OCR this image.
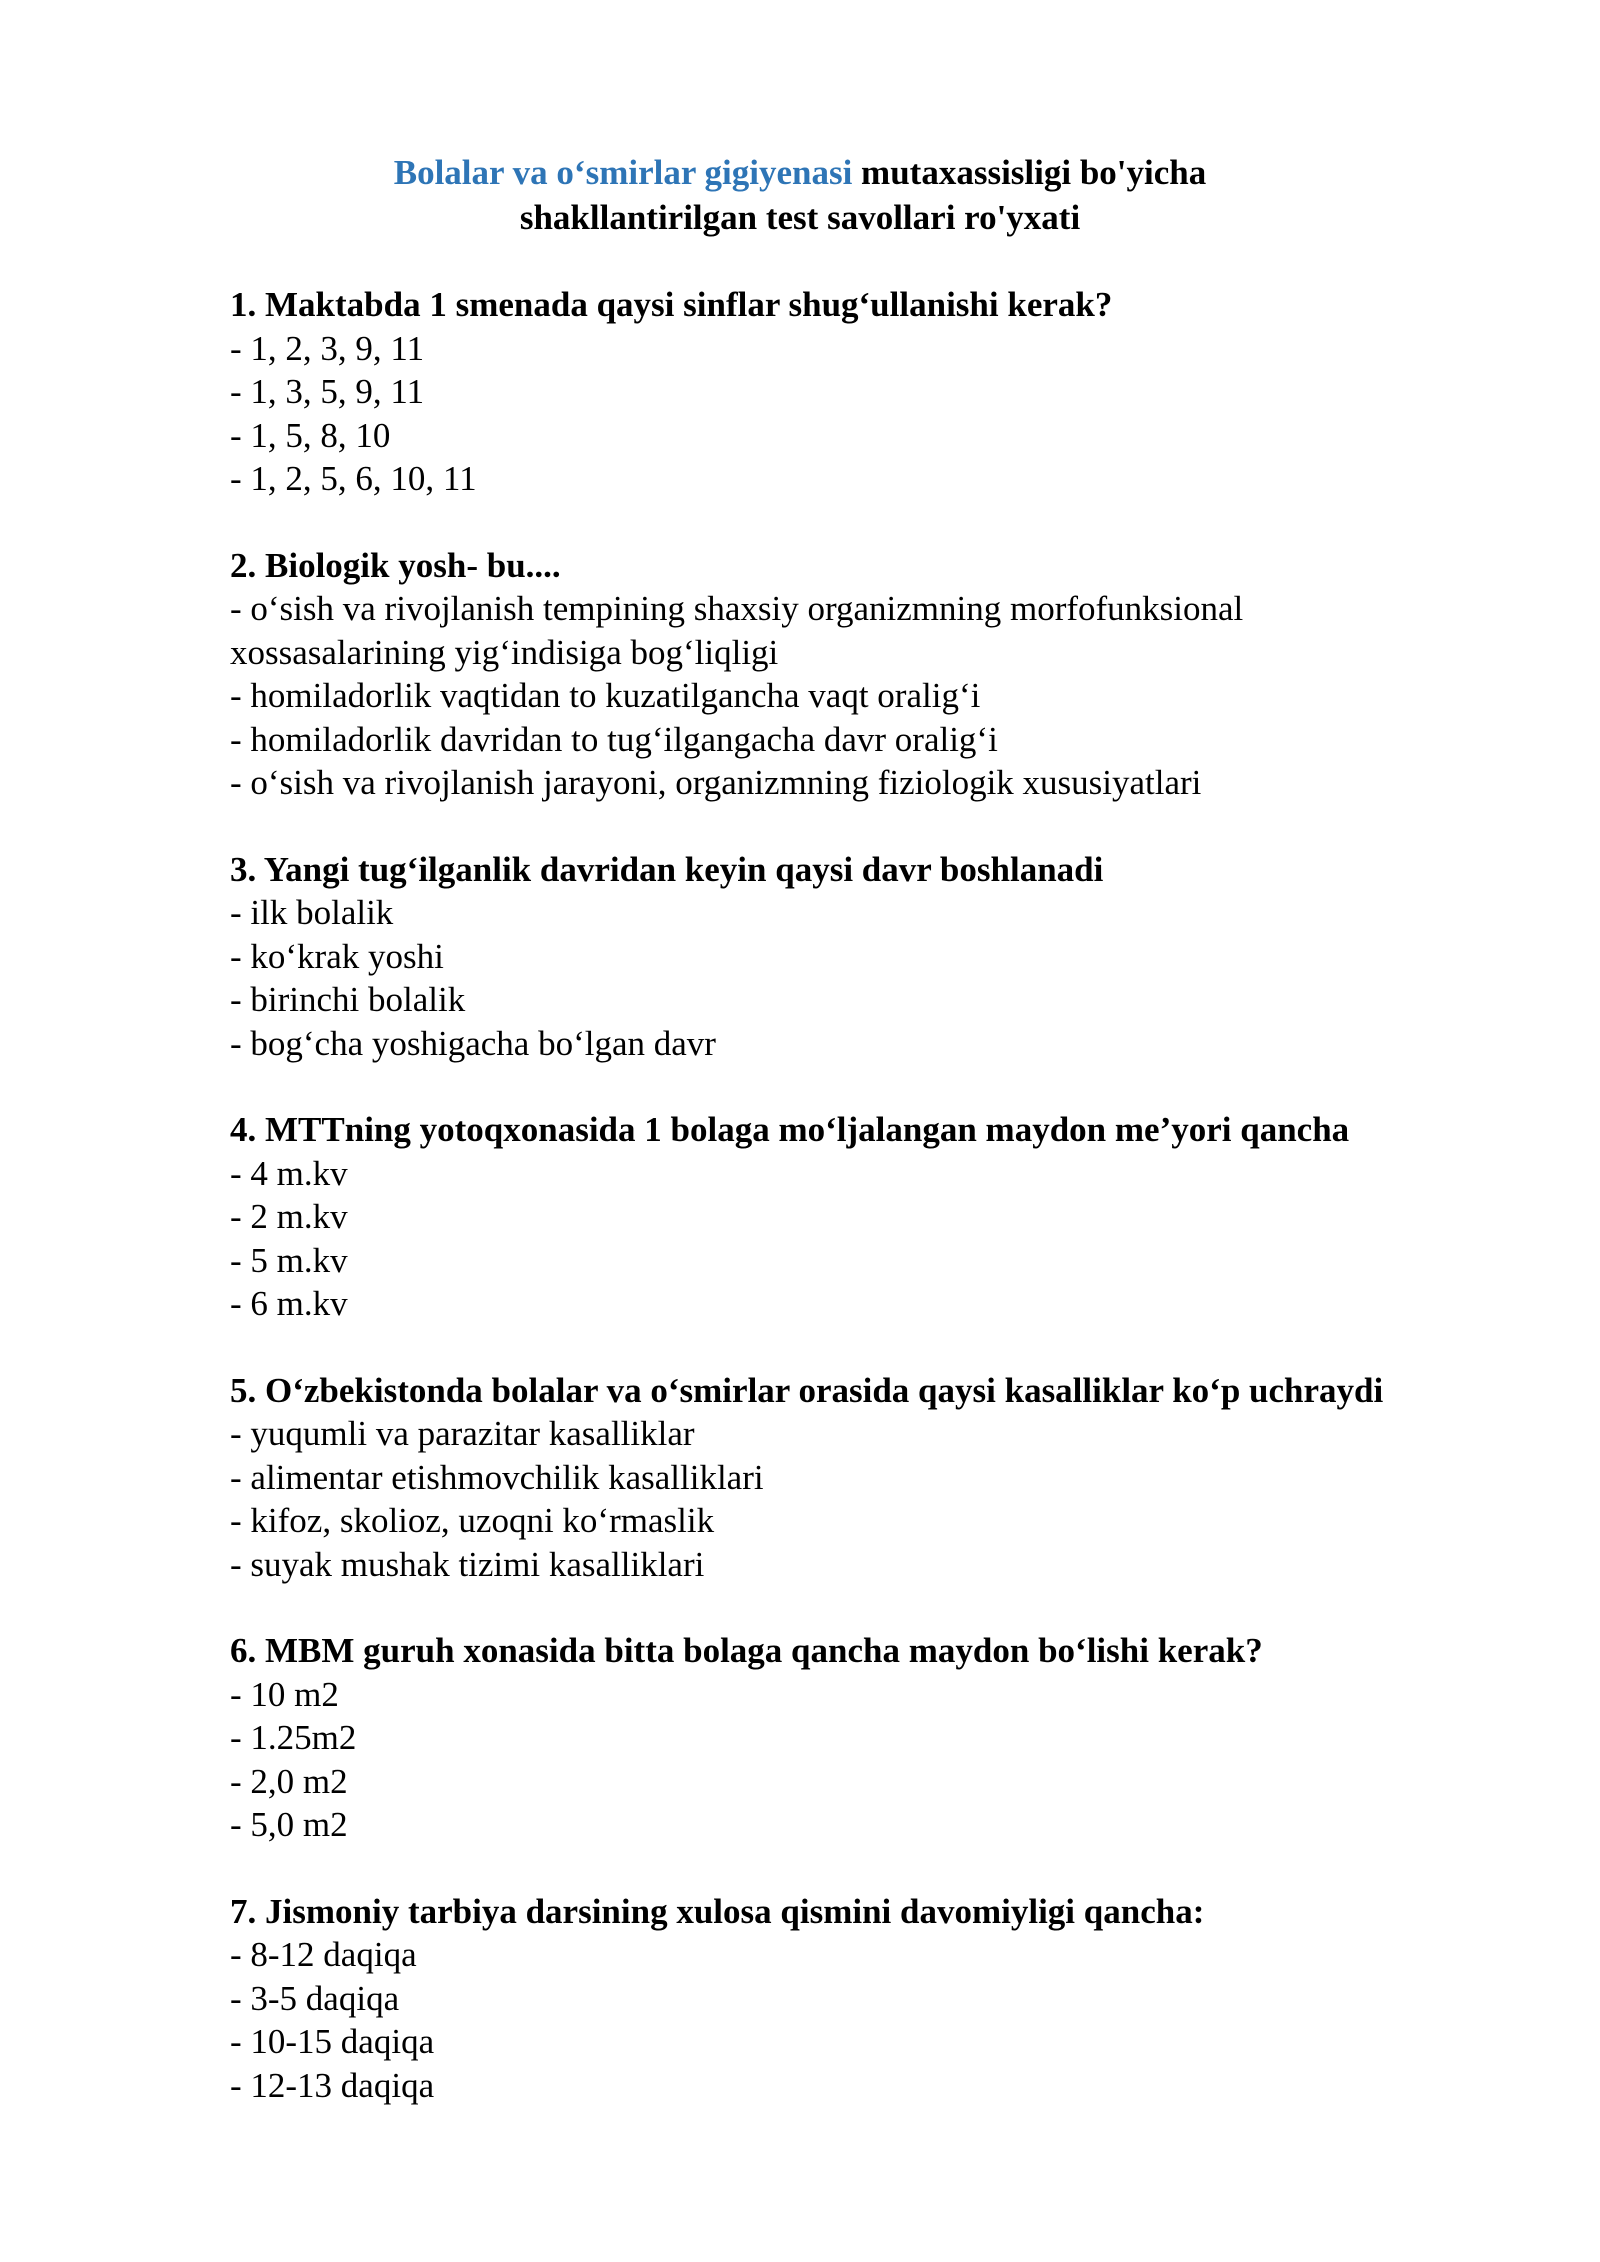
Bolalar va o‘smirlar gigiyenasi mutaxassisligi bo'yicha
shakllantirilgan test savollari ro'yxati
1. Maktabda 1 smenada qaysi sinflar shug‘ullanishi kerak?
- 1, 2, 3, 9, 11
- 1, 3, 5, 9, 11
- 1, 5, 8, 10
- 1, 2, 5, 6, 10, 11
2. Biologik yosh- bu....
- o‘sish va rivojlanish tempining shaxsiy organizmning morfofunksional xossasalarining yig‘indisiga bog‘liqligi
- homiladorlik vaqtidan to kuzatilgancha vaqt oralig‘i
- homiladorlik davridan to tug‘ilgangacha davr oralig‘i
- o‘sish va rivojlanish jarayoni, organizmning fiziologik xususiyatlari
3. Yangi tug‘ilganlik davridan keyin qaysi davr boshlanadi
- ilk bolalik
- ko‘krak yoshi
- birinchi bolalik
- bog‘cha yoshigacha bo‘lgan davr
4. MTTning yotoqxonasida 1 bolaga mo‘ljalangan maydon me’yori qancha
- 4 m.kv
- 2 m.kv
- 5 m.kv
- 6 m.kv
5. O‘zbekistonda bolalar va o‘smirlar orasida qaysi kasalliklar ko‘p uchraydi
- yuqumli va parazitar kasalliklar
- alimentar etishmovchilik kasalliklari
- kifoz, skolioz, uzoqni ko‘rmaslik
- suyak mushak tizimi kasalliklari
6. MBM guruh xonasida bitta bolaga qancha maydon bo‘lishi kerak?
- 10 m2
- 1.25m2
- 2,0 m2
- 5,0 m2
7. Jismoniy tarbiya darsining xulosa qismini davomiyligi qancha:
- 8-12 daqiqa
- 3-5 daqiqa
- 10-15 daqiqa
- 12-13 daqiqa
